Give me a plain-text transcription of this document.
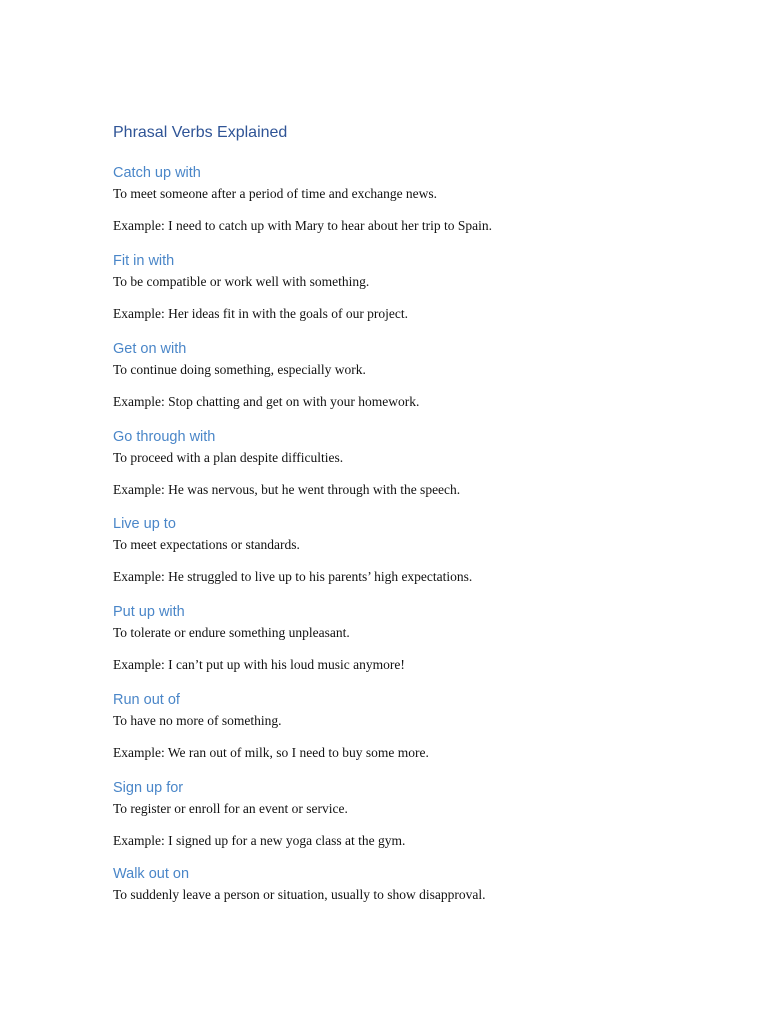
Phrasal Verbs Explained
Catch up with

To meet someone after a period of time and exchange news.

Example: I need to catch up with Mary to hear about her trip to Spain.

Fit in with

To be compatible or work well with something.

Example: Her ideas fit in with the goals of our project.

Get on with

To continue doing something, especially work.

Example: Stop chatting and get on with your homework.

Go through with

To proceed with a plan despite difficulties.

Example: He was nervous, but he went through with the speech.

Live up to

To meet expectations or standards.

Example: He struggled to live up to his parents’ high expectations.

Put up with

To tolerate or endure something unpleasant.

Example: I can’t put up with his loud music anymore!

Run out of

To have no more of something.

Example: We ran out of milk, so I need to buy some more.

Sign up for

To register or enroll for an event or service.

Example: I signed up for a new yoga class at the gym.

Walk out on

To suddenly leave a person or situation, usually to show disapproval.
